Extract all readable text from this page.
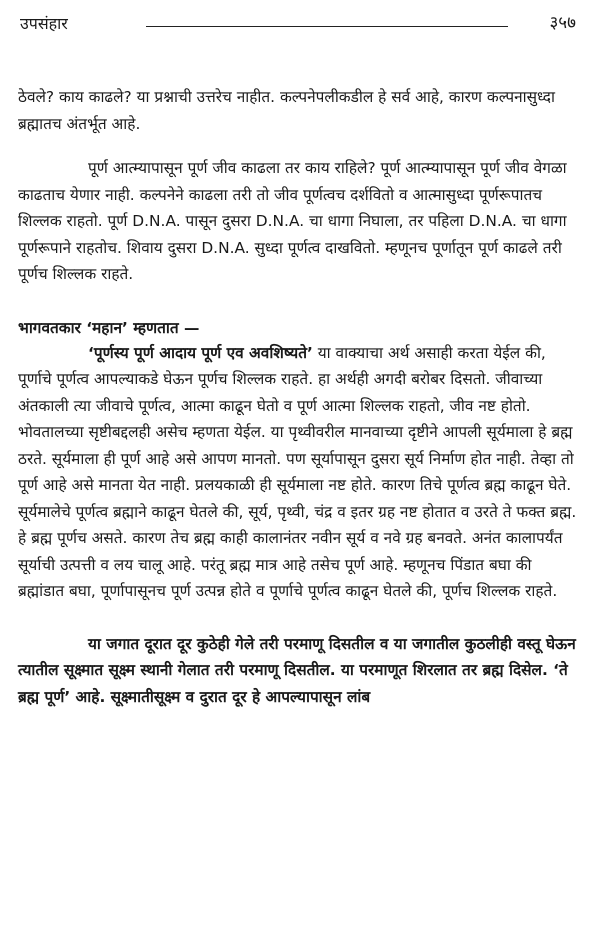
उपसंहार	३५७

ठेवले? काय काढले? या प्रश्नाची उत्तरेच नाहीत. कल्पनेपलीकडील हे सर्व आहे, कारण कल्पनासुध्दा ब्रह्मातच अंतर्भूत आहे.

पूर्ण आत्म्यापासून पूर्ण जीव काढला तर काय राहिले? पूर्ण आत्म्यापासून पूर्ण जीव वेगळा काढताच येणार नाही. कल्पनेने काढला तरी तो जीव पूर्णत्वच दर्शवितो व आत्मासुध्दा पूर्णरूपातच शिल्लक राहतो. पूर्ण D.N.A. पासून दुसरा D.N.A. चा धागा निघाला, तर पहिला D.N.A. चा धागा पूर्णरूपाने राहतोच. शिवाय दुसरा D.N.A. सुध्दा पूर्णत्व दाखवितो. म्हणूनच पूर्णातून पूर्ण काढले तरी पूर्णच शिल्लक राहते.

भागवतकार ‘महान’ म्हणतात —

‘पूर्णस्य पूर्ण आदाय पूर्ण एव अवशिष्यते’ या वाक्याचा अर्थ असाही करता येईल की, पूर्णाचे पूर्णत्व आपल्याकडे घेऊन पूर्णच शिल्लक राहते. हा अर्थही अगदी बरोबर दिसतो. जीवाच्या अंतकाली त्या जीवाचे पूर्णत्व, आत्मा काढून घेतो व पूर्ण आत्मा शिल्लक राहतो, जीव नष्ट होतो. भोवतालच्या सृष्टीबद्दलही असेच म्हणता येईल. या पृथ्वीवरील मानवाच्या दृष्टीने आपली सूर्यमाला हे ब्रह्म ठरते. सूर्यमाला ही पूर्ण आहे असे आपण मानतो. पण सूर्यापासून दुसरा सूर्य निर्माण होत नाही. तेव्हा तो पूर्ण आहे असे मानता येत नाही. प्रलयकाळी ही सूर्यमाला नष्ट होते. कारण तिचे पूर्णत्व ब्रह्म काढून घेते. सूर्यमालेचे पूर्णत्व ब्रह्माने काढून घेतले की, सूर्य, पृथ्वी, चंद्र व इतर ग्रह नष्ट होतात व उरते ते फक्त ब्रह्म. हे ब्रह्म पूर्णच असते. कारण तेच ब्रह्म काही कालानंतर नवीन सूर्य व नवे ग्रह बनवते. अनंत कालापर्यंत सूर्याची उत्पत्ती व लय चालू आहे. परंतू ब्रह्म मात्र आहे तसेच पूर्ण आहे. म्हणूनच पिंडात बघा की ब्रह्मांडात बघा, पूर्णापासूनच पूर्ण उत्पन्न होते व पूर्णाचे पूर्णत्व काढून घेतले की, पूर्णच शिल्लक राहते.

या जगात दूरात दूर कुठेही गेले तरी परमाणू दिसतील व या जगातील कुठलीही वस्तू घेऊन त्यातील सूक्ष्मात सूक्ष्म स्थानी गेलात तरी परमाणू दिसतील. या परमाणूत शिरलात तर ब्रह्म दिसेल. ‘ते ब्रह्म पूर्ण’ आहे. सूक्ष्मातीसूक्ष्म व दुरात दूर हे आपल्यापासून लांब
